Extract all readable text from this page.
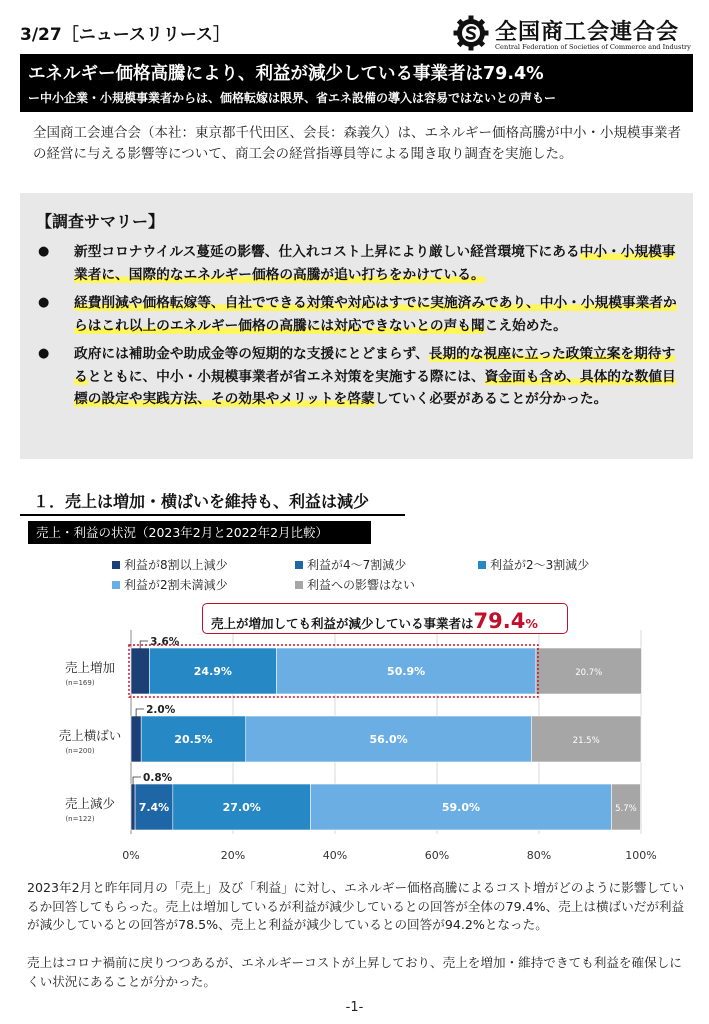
3/27［ニュースリリース］	全国商工会連合会
Central Federation of Societies of Commerce and Industry
エネルギー価格高騰により、利益が減少している事業者は79.4%
ー中小企業・小規模事業者からは、価格転嫁は限界、省エネ設備の導入は容易ではないとの声もー

全国商工会連合会（本社：東京都千代田区、会長：森義久）は、エネルギー価格高騰が中小・小規模事業者の経営に与える影響等について、商工会の経営指導員等による聞き取り調査を実施した。

【調査サマリー】
● 新型コロナウイルス蔓延の影響、仕入れコスト上昇により厳しい経営環境下にある中小・小規模事業者に、国際的なエネルギー価格の高騰が追い打ちをかけている。
● 経費削減や価格転嫁等、自社でできる対策や対応はすでに実施済みであり、中小・小規模事業者からはこれ以上のエネルギー価格の高騰には対応できないとの声も聞こえ始めた。
● 政府には補助金や助成金等の短期的な支援にとどまらず、長期的な視座に立った政策立案を期待するとともに、中小・小規模事業者が省エネ対策を実施する際には、資金面も含め、具体的な数値目標の設定や実践方法、その効果やメリットを啓蒙していく必要があることが分かった。
１．売上は増加・横ばいを維持も、利益は減少
売上・利益の状況（2023年2月と2022年2月比較）
利益が8割以上減少	利益が4～7割減少	利益が2～3割減少
利益が2割未満減少	利益への影響はない
0%	20%	40%	60%	80%	100%
売上増加
(n=169)
売上横ばい
(n=200)
売上減少
(n=122)
3.6%
24.9%	50.9%	20.7%
2.0%
20.5%	56.0%	21.5%
0.8%
7.4%	27.0%	59.0%	5.7%
売上が増加しても利益が減少している事業者は79.4%

2023年2月と昨年同月の「売上」及び「利益」に対し、エネルギー価格高騰によるコスト増がどのように影響しているか回答してもらった。売上は増加しているが利益が減少しているとの回答が全体の79.4%、売上は横ばいだが利益が減少しているとの回答が78.5%、売上と利益が減少しているとの回答が94.2%となった。

売上はコロナ禍前に戻りつつあるが、エネルギーコストが上昇しており、売上を増加・維持できても利益を確保しにくい状況にあることが分かった。

-1-
